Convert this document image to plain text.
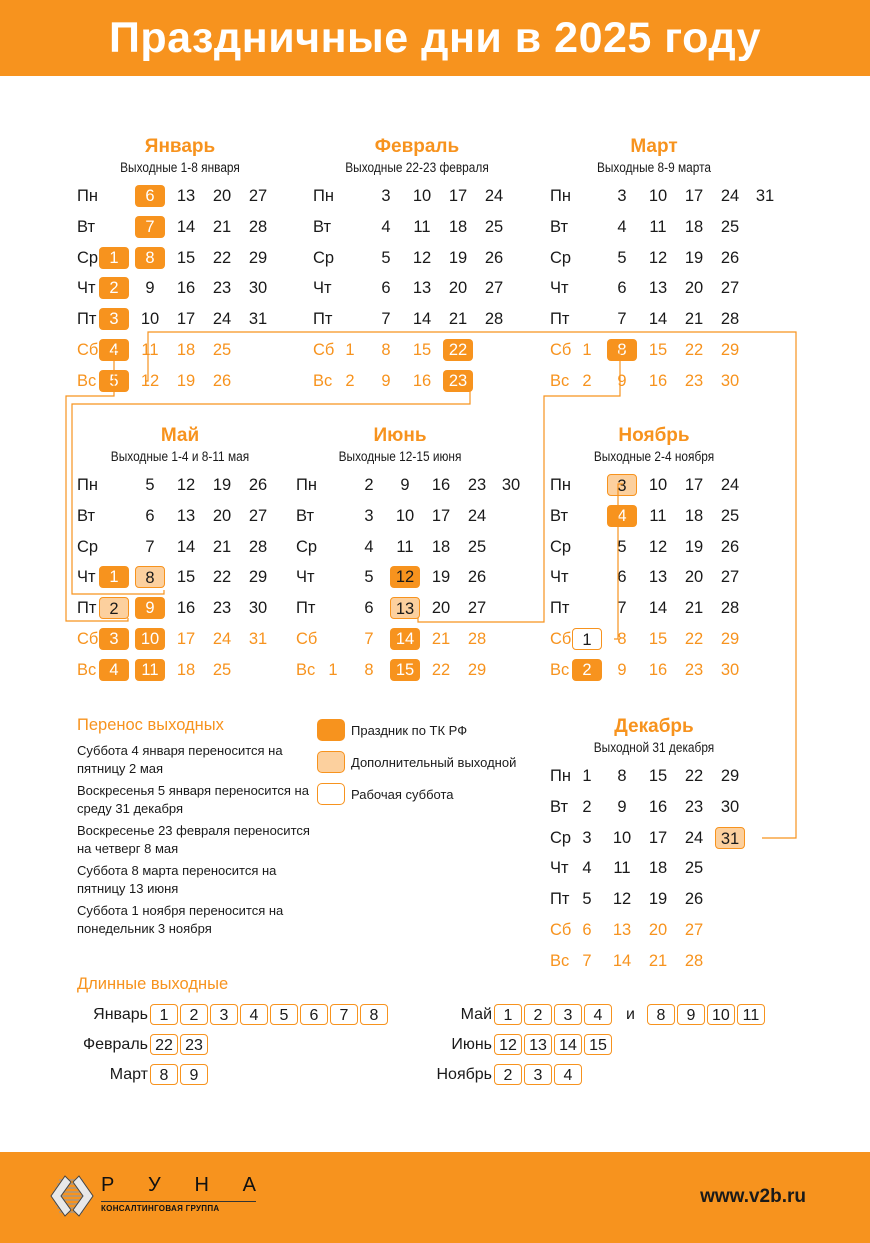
Праздничные дни в 2025 году
Январь
Выходные 1-8 января
Пн	6	13	20	27
Вт	7	14	21	28
Ср 1	8	15	22	29
Чт 2	9	16	23	30
Пт 3	10	17	24	31
Сб 4	11	18	25
Вс 5	12	19	26
Февраль
Выходные 22-23 февраля
Пн	3	10	17	24
Вт	4	11	18	25
Ср	5	12	19	26
Чт	6	13	20	27
Пт	7	14	21	28
Сб 1	8	15	22
Вс 2	9	16	23
Март
Выходные 8-9 марта
Пн	3	10	17	24	31
Вт	4	11	18	25
Ср	5	12	19	26
Чт	6	13	20	27
Пт	7	14	21	28
Сб 1	8	15	22	29
Вс 2	9	16	23	30
Май
Выходные 1-4 и 8-11 мая
Пн	5	12	19	26
Вт	6	13	20	27
Ср	7	14	21	28
Чт 1	8	15	22	29
Пт 2	9	16	23	30
Сб 3	10	17	24	31
Вс 4	11	18	25
Июнь
Выходные 12-15 июня
Пн	2	9	16	23 30
Вт	3	10	17	24
Ср	4	11	18	25
Чт	5	12	19	26
Пт	6	13	20	27
Сб	7	14	21	28
Вс 1	8	15	22	29
Ноябрь
Выходные 2-4 ноября
Пн	3	10	17	24
Вт	4	11	18	25
Ср	5	12	19	26
Чт	6	13	20	27
Пт	7	14	21	28
Сб 1	8	15	22	29
Вс 2	9	16	23	30
Декабрь
Выходной 31 декабря
Пн 1	8	15	22	29
Вт 2	9	16	23	30
Ср 3	10	17	24	31
Чт 4	11	18	25
Пт 5	12	19	26
Сб 6	13	20	27
Вс 7	14	21	28
Перенос выходных
Суббота 4 января переносится на пятницу 2 мая
Воскресенья 5 января переносится на среду 31 декабря
Воскресенье 23 февраля переносится на четверг 8 мая
Суббота 8 марта переносится на пятницу 13 июня
Суббота 1 ноября переносится на понедельник 3 ноября
Праздник по ТК РФ
Дополнительный выходной
Рабочая суббота
Длинные выходные
Январь 1	2	3	4	5	6	7	8
Февраль 22 23
Март 8	9
Май 1	2	3	4	и	8	9	10 11
Июнь 12 13 14 15
Ноябрь 2	3	4
Р У Н А
КОНСАЛТИНГОВАЯ ГРУППА
www.v2b.ru
